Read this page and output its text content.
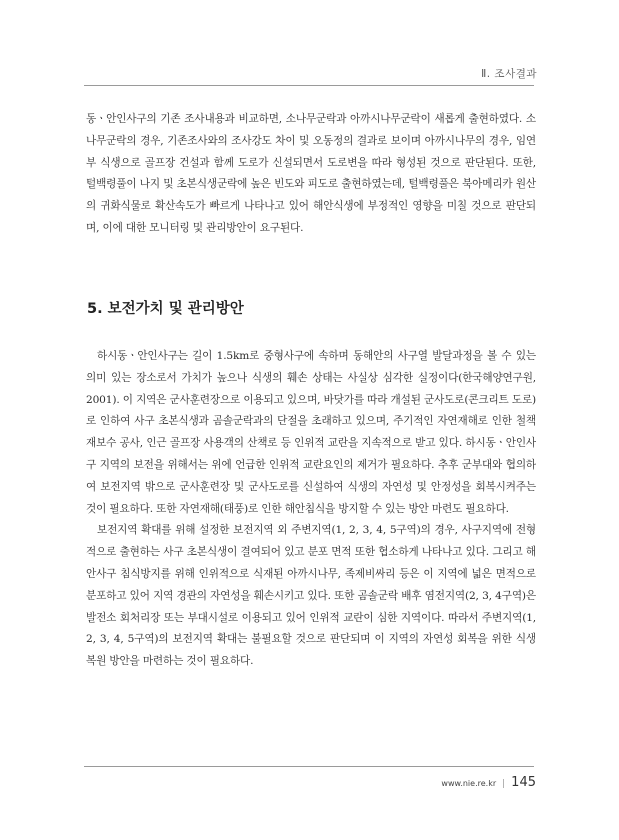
Ⅱ. 조사결과

동ㆍ안인사구의 기존 조사내용과 비교하면, 소나무군락과 아까시나무군락이 새롭게 출현하였다. 소나무군락의 경우, 기존조사와의 조사강도 차이 및 오동정의 결과로 보이며 아까시나무의 경우, 임연부 식생으로 골프장 건설과 함께 도로가 신설되면서 도로변을 따라 형성된 것으로 판단된다. 또한, 털백령풀이 나지 및 초본식생군락에 높은 빈도와 피도로 출현하였는데, 털백령풀은 북아메리카 원산의 귀화식물로 확산속도가 빠르게 나타나고 있어 해안식생에 부정적인 영향을 미칠 것으로 판단되며, 이에 대한 모니터링 및 관리방안이 요구된다.

5. 보전가치 및 관리방안

하시동ㆍ안인사구는 길이 1.5km로 중형사구에 속하며 동해안의 사구열 발달과정을 볼 수 있는 의미 있는 장소로서 가치가 높으나 식생의 훼손 상태는 사실상 심각한 실정이다(한국해양연구원, 2001). 이 지역은 군사훈련장으로 이용되고 있으며, 바닷가를 따라 개설된 군사도로(콘크리트 도로)로 인하여 사구 초본식생과 곰솔군락과의 단절을 초래하고 있으며, 주기적인 자연재해로 인한 철책 재보수 공사, 인근 골프장 사용객의 산책로 등 인위적 교란을 지속적으로 받고 있다. 하시동ㆍ안인사구 지역의 보전을 위해서는 위에 언급한 인위적 교란요인의 제거가 필요하다. 추후 군부대와 협의하여 보전지역 밖으로 군사훈련장 및 군사도로를 신설하여 식생의 자연성 및 안정성을 회복시켜주는 것이 필요하다. 또한 자연재해(태풍)로 인한 해안침식을 방지할 수 있는 방안 마련도 필요하다.

보전지역 확대를 위해 설정한 보전지역 외 주변지역(1, 2, 3, 4, 5구역)의 경우, 사구지역에 전형적으로 출현하는 사구 초본식생이 결여되어 있고 분포 면적 또한 협소하게 나타나고 있다. 그리고 해안사구 침식방지를 위해 인위적으로 식재된 아까시나무, 족제비싸리 등은 이 지역에 넓은 면적으로 분포하고 있어 지역 경관의 자연성을 훼손시키고 있다. 또한 곰솔군락 배후 염전지역(2, 3, 4구역)은 발전소 회처리장 또는 부대시설로 이용되고 있어 인위적 교란이 심한 지역이다. 따라서 주변지역(1, 2, 3, 4, 5구역)의 보전지역 확대는 불필요할 것으로 판단되며 이 지역의 자연성 회복을 위한 식생 복원 방안을 마련하는 것이 필요하다.

www.nie.re.kr | 145
